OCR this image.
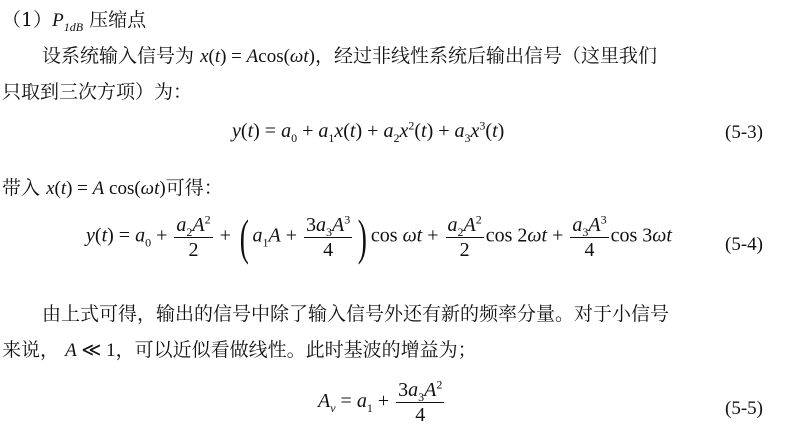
$(1)P_{1dB}$ 压缩点
设系统输入信号为 x(t) = Acos(ωt)，经过非线性系统后输出信号（这里我们
只取到三次方项）为：
$y(t) = a_0 + a_1x(t) + a_2x^2(t) + a_3x^3(t)$	(5-3)
带入 x(t) = A cos(ωt)可得：
$y(t) = a_0 + \frac{a_2A^2}{2}$ + ( $a_1A + \frac{3a_3A^3}{4}$ ) $\cos \omega t + \frac{a_2A^2}{2}$ $\cos 2\omega t + \frac{a_3A^3}{4}$ cos 3ωt	(5-4)
由上式可得，输出的信号中除了输入信号外还有新的频率分量。对于小信号
来说， A ≪ 1，可以近似看做线性。此时基波的增益为；
$A_v = a_1 + \frac{3a_3A^2}{4}$	(5-5)
